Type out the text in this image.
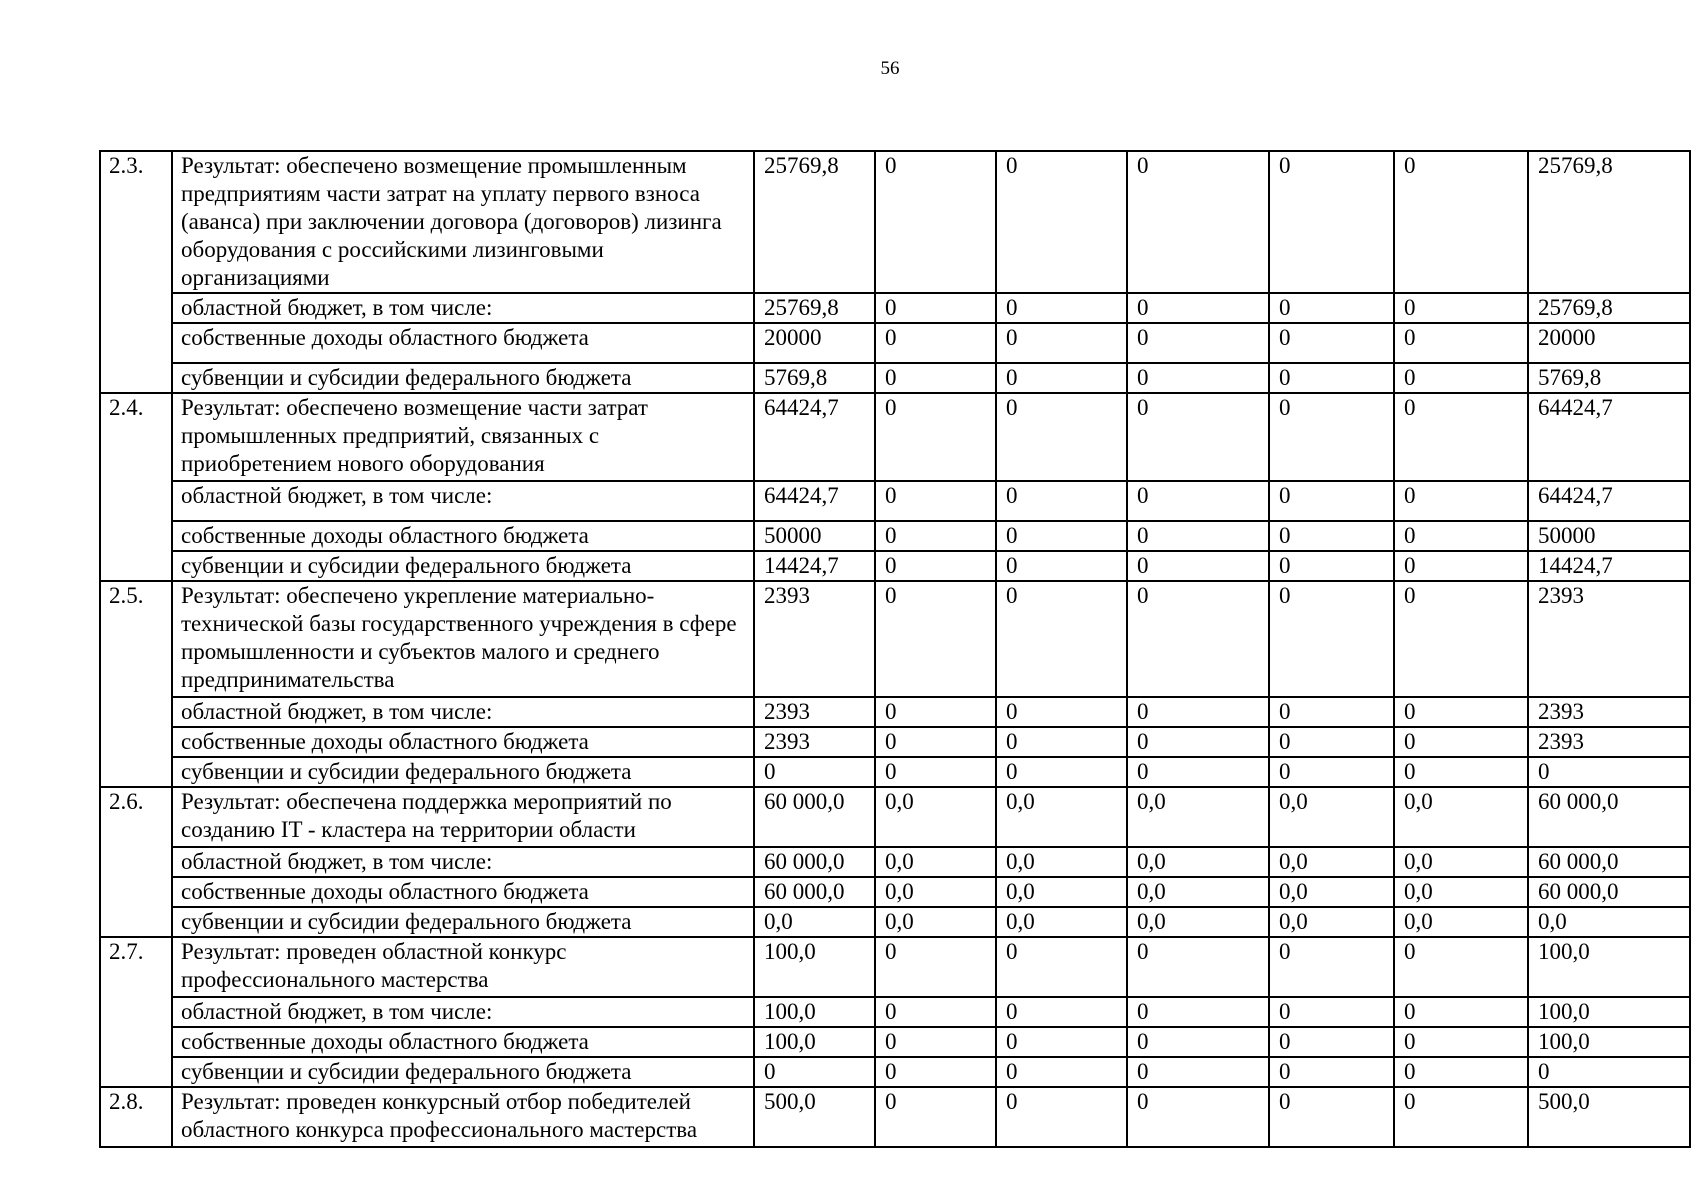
56
2.3.	Результат: обеспечено возмещение промышленным предприятиям части затрат на уплату первого взноса (аванса) при заключении договора (договоров) лизинга оборудования с российскими лизинговыми организациями	25769,8	0	0	0	0	0	25769,8
	областной бюджет, в том числе:	25769,8	0	0	0	0	0	25769,8
	собственные доходы областного бюджета	20000	0	0	0	0	0	20000
	субвенции и субсидии федерального бюджета	5769,8	0	0	0	0	0	5769,8
2.4.	Результат: обеспечено возмещение части затрат промышленных предприятий, связанных с приобретением нового оборудования	64424,7	0	0	0	0	0	64424,7
	областной бюджет, в том числе:	64424,7	0	0	0	0	0	64424,7
	собственные доходы областного бюджета	50000	0	0	0	0	0	50000
	субвенции и субсидии федерального бюджета	14424,7	0	0	0	0	0	14424,7
2.5.	Результат: обеспечено укрепление материально-технической базы государственного учреждения в сфере промышленности и субъектов малого и среднего предпринимательства	2393	0	0	0	0	0	2393
	областной бюджет, в том числе:	2393	0	0	0	0	0	2393
	собственные доходы областного бюджета	2393	0	0	0	0	0	2393
	субвенции и субсидии федерального бюджета	0	0	0	0	0	0	0
2.6.	Результат: обеспечена поддержка мероприятий по созданию IT - кластера на территории области	60 000,0	0,0	0,0	0,0	0,0	0,0	60 000,0
	областной бюджет, в том числе:	60 000,0	0,0	0,0	0,0	0,0	0,0	60 000,0
	собственные доходы областного бюджета	60 000,0	0,0	0,0	0,0	0,0	0,0	60 000,0
	субвенции и субсидии федерального бюджета	0,0	0,0	0,0	0,0	0,0	0,0	0,0
2.7.	Результат: проведен областной конкурс профессионального мастерства	100,0	0	0	0	0	0	100,0
	областной бюджет, в том числе:	100,0	0	0	0	0	0	100,0
	собственные доходы областного бюджета	100,0	0	0	0	0	0	100,0
	субвенции и субсидии федерального бюджета	0	0	0	0	0	0	0
2.8.	Результат: проведен конкурсный отбор победителей областного конкурса профессионального мастерства	500,0	0	0	0	0	0	500,0
